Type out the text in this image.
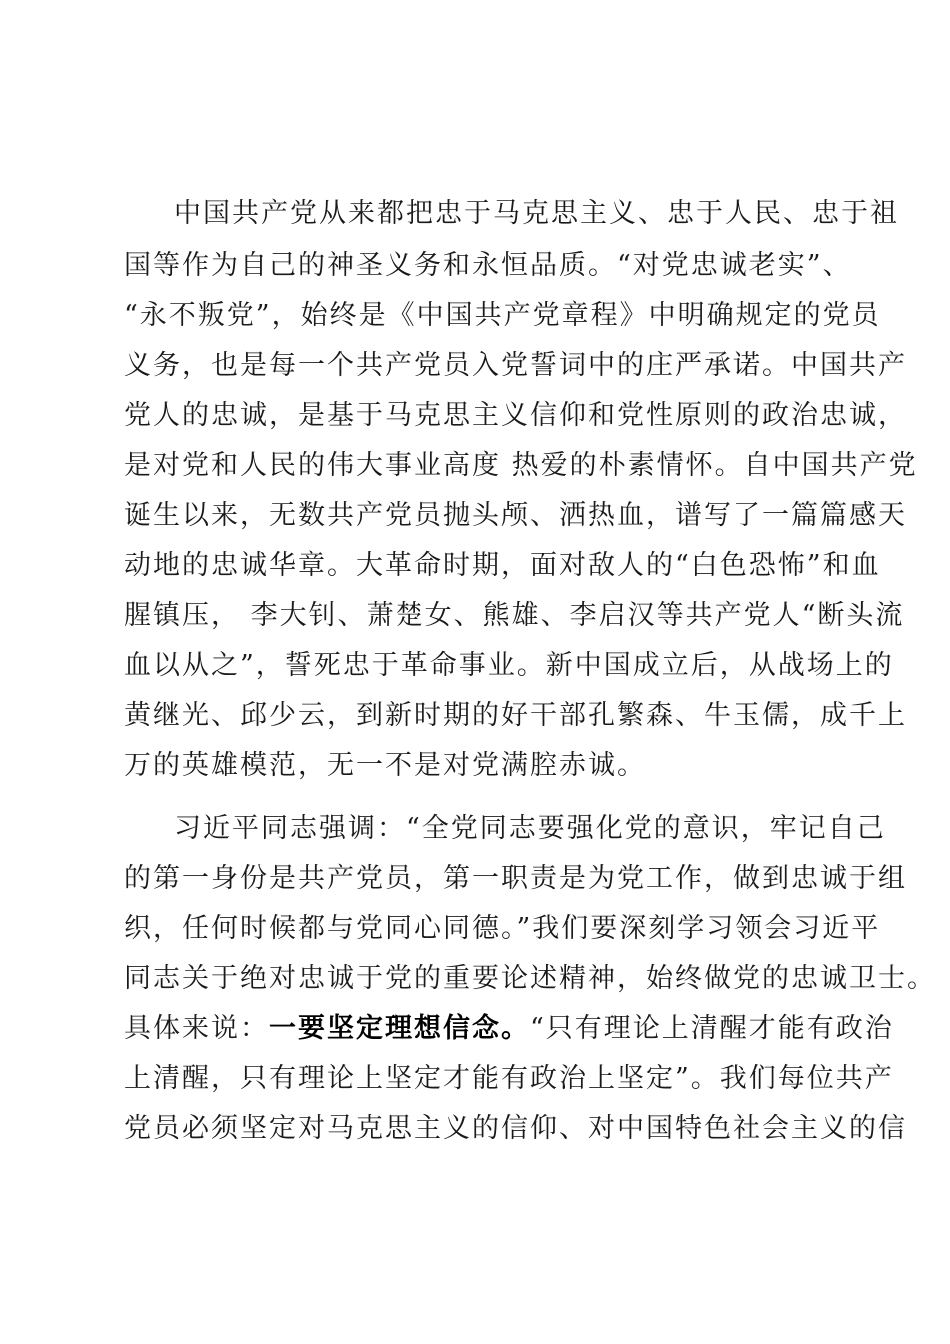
中国共产党从来都把忠于马克思主义、忠于人民、忠于祖
国等作为自己的神圣义务和永恒品质。“对党忠诚老实”、
“永不叛党”，始终是《中国共产党章程》中明确规定的党员
义务，也是每一个共产党员入党誓词中的庄严承诺。中国共产
党人的忠诚，是基于马克思主义信仰和党性原则的政治忠诚，
是对党和人民的伟大事业高度 热爱的朴素情怀。自中国共产党
诞生以来，无数共产党员抛头颅、洒热血，谱写了一篇篇感天
动地的忠诚华章。大革命时期，面对敌人的“白色恐怖”和血
腥镇压， 李大钊、萧楚女、熊雄、李启汉等共产党人“断头流
血以从之”，誓死忠于革命事业。新中国成立后，从战场上的
黄继光、邱少云，到新时期的好干部孔繁森、牛玉儒，成千上
万的英雄模范，无一不是对党满腔赤诚。
习近平同志强调：“全党同志要强化党的意识，牢记自己
的第一身份是共产党员，第一职责是为党工作，做到忠诚于组
织，任何时候都与党同心同德。”我们要深刻学习领会习近平
同志关于绝对忠诚于党的重要论述精神，始终做党的忠诚卫士。
具体来说：一要坚定理想信念。“只有理论上清醒才能有政治
上清醒，只有理论上坚定才能有政治上坚定”。我们每位共产
党员必须坚定对马克思主义的信仰、对中国特色社会主义的信
